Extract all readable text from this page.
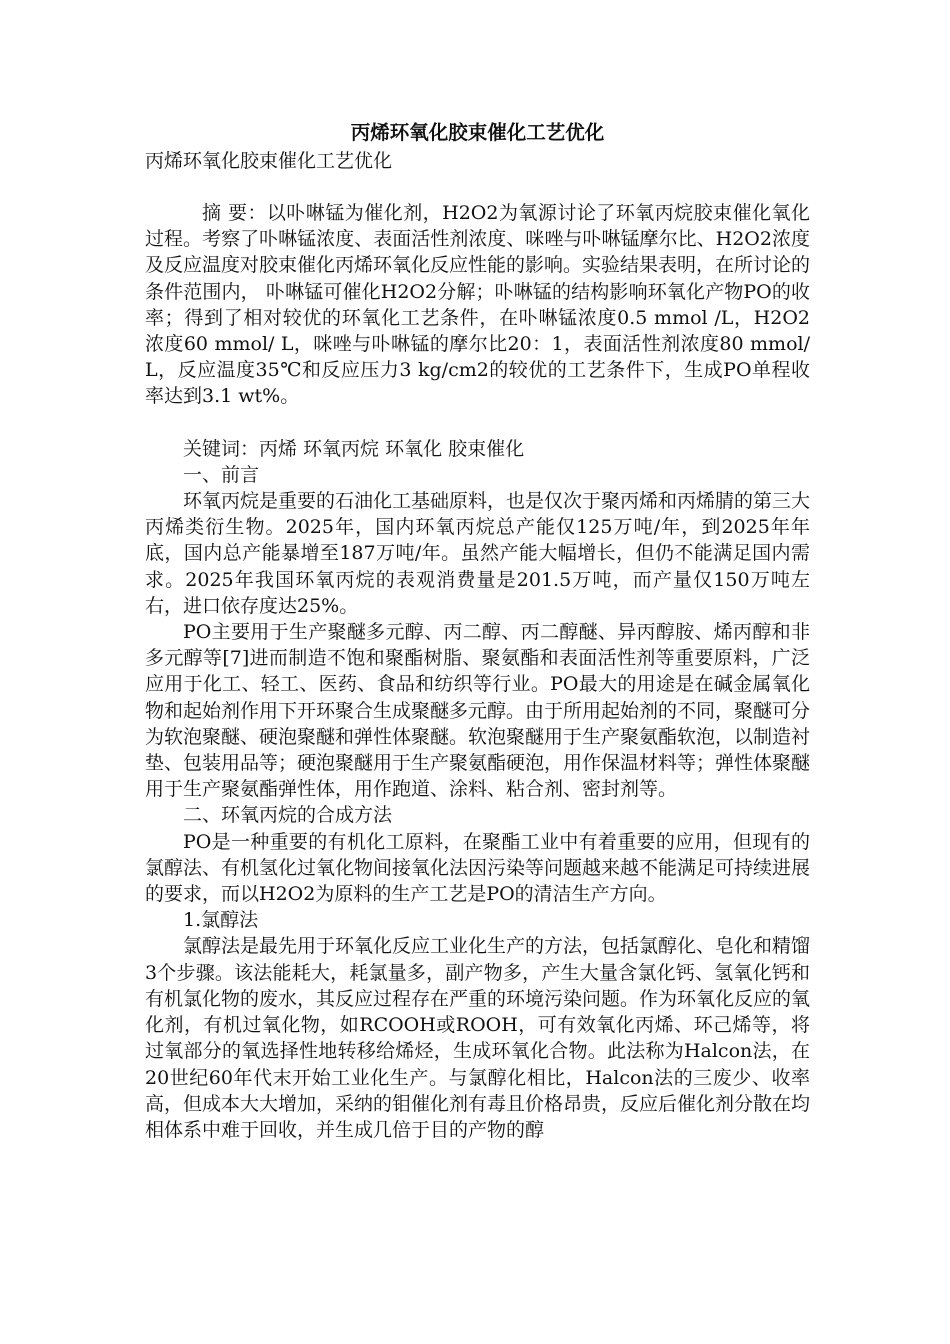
丙烯环氧化胶束催化工艺优化

丙烯环氧化胶束催化工艺优化

摘 要：以卟啉锰为催化剂，H2O2为氧源讨论了环氧丙烷胶束催化氧化过程。考察了卟啉锰浓度、表面活性剂浓度、咪唑与卟啉锰摩尔比、H2O2浓度及反应温度对胶束催化丙烯环氧化反应性能的影响。实验结果表明，在所讨论的条件范围内， 卟啉锰可催化H2O2分解；卟啉锰的结构影响环氧化产物PO的收率；得到了相对较优的环氧化工艺条件，在卟啉锰浓度0.5 mmol /L，H2O2浓度60 mmol/ L，咪唑与卟啉锰的摩尔比20：1，表面活性剂浓度80 mmol/ L，反应温度35℃和反应压力3 kg/cm2的较优的工艺条件下，生成PO单程收率达到3.1 wt%。

关键词：丙烯 环氧丙烷 环氧化 胶束催化

一、前言

环氧丙烷是重要的石油化工基础原料，也是仅次于聚丙烯和丙烯腈的第三大丙烯类衍生物。2025年，国内环氧丙烷总产能仅125万吨/年，到2025年年底，国内总产能暴增至187万吨/年。虽然产能大幅增长，但仍不能满足国内需求。2025年我国环氧丙烷的表观消费量是201.5万吨，而产量仅150万吨左右，进口依存度达25%。

PO主要用于生产聚醚多元醇、丙二醇、丙二醇醚、异丙醇胺、烯丙醇和非多元醇等[7]进而制造不饱和聚酯树脂、聚氨酯和表面活性剂等重要原料，广泛应用于化工、轻工、医药、食品和纺织等行业。PO最大的用途是在碱金属氧化物和起始剂作用下开环聚合生成聚醚多元醇。由于所用起始剂的不同，聚醚可分为软泡聚醚、硬泡聚醚和弹性体聚醚。软泡聚醚用于生产聚氨酯软泡，以制造衬垫、包装用品等；硬泡聚醚用于生产聚氨酯硬泡，用作保温材料等；弹性体聚醚用于生产聚氨酯弹性体，用作跑道、涂料、粘合剂、密封剂等。

二、环氧丙烷的合成方法

PO是一种重要的有机化工原料，在聚酯工业中有着重要的应用，但现有的氯醇法、有机氢化过氧化物间接氧化法因污染等问题越来越不能满足可持续进展的要求，而以H2O2为原料的生产工艺是PO的清洁生产方向。

1.氯醇法

氯醇法是最先用于环氧化反应工业化生产的方法，包括氯醇化、皂化和精馏3个步骤。该法能耗大，耗氯量多，副产物多，产生大量含氯化钙、氢氧化钙和有机氯化物的废水，其反应过程存在严重的环境污染问题。作为环氧化反应的氧化剂，有机过氧化物，如RCOOH或ROOH，可有效氧化丙烯、环己烯等，将过氧部分的氧选择性地转移给烯烃，生成环氧化合物。此法称为Halcon法，在20世纪60年代末开始工业化生产。与氯醇化相比，Halcon法的三废少、收率高，但成本大大增加，采纳的钼催化剂有毒且价格昂贵，反应后催化剂分散在均相体系中难于回收，并生成几倍于目的产物的醇
